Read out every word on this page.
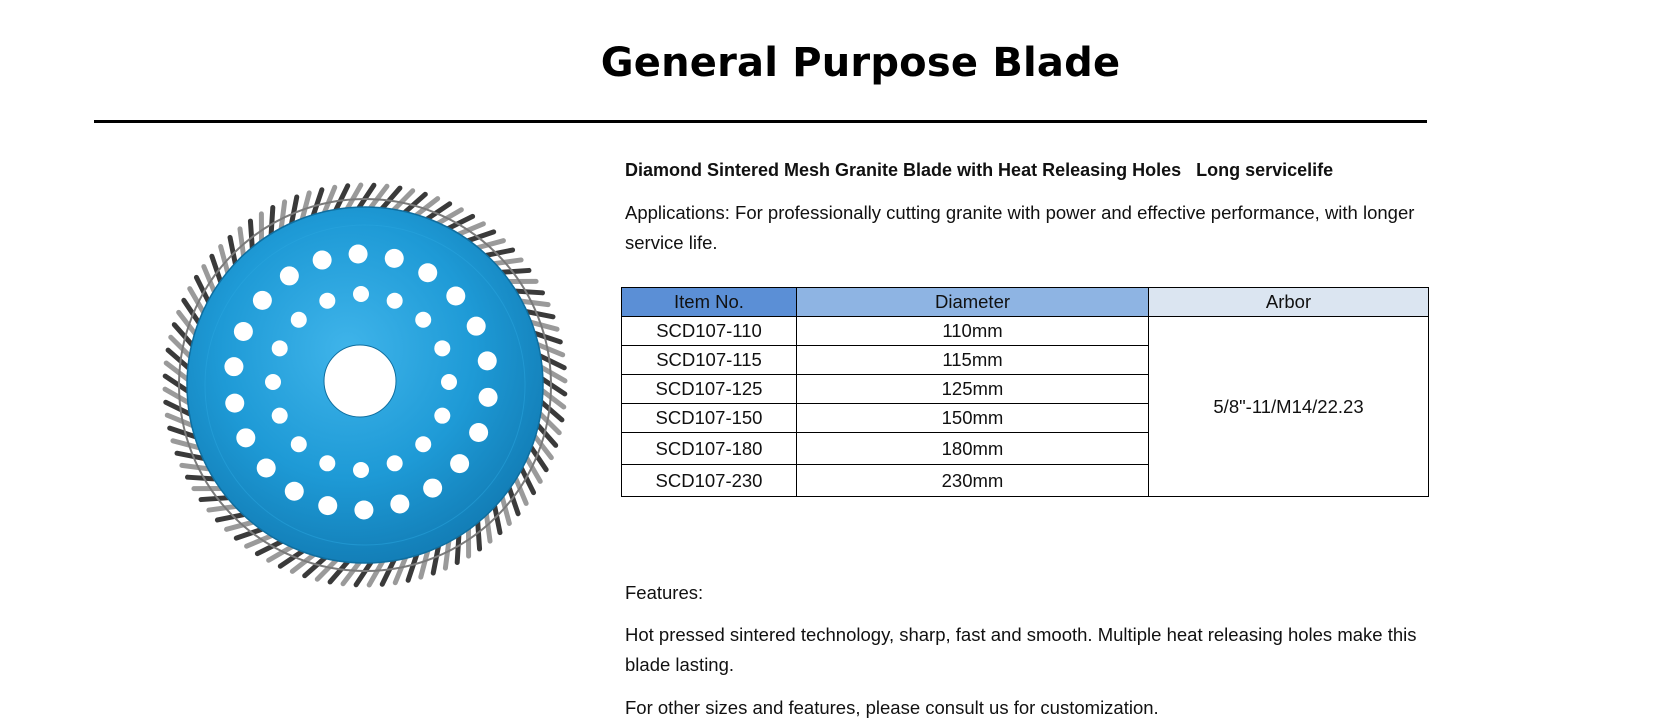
General Purpose Blade
Diamond Sintered Mesh Granite Blade with Heat Releasing Holes   Long servicelife
Applications: For professionally cutting granite with power and effective performance, with longer service life.
Item No.	Diameter	Arbor
SCD107-110	110mm	5/8"-11/M14/22.23
SCD107-115	115mm	
SCD107-125	125mm	
SCD107-150	150mm	
SCD107-180	180mm	
SCD107-230	230mm	
Features:
Hot pressed sintered technology, sharp, fast and smooth. Multiple heat releasing holes make this blade lasting.
For other sizes and features, please consult us for customization.
